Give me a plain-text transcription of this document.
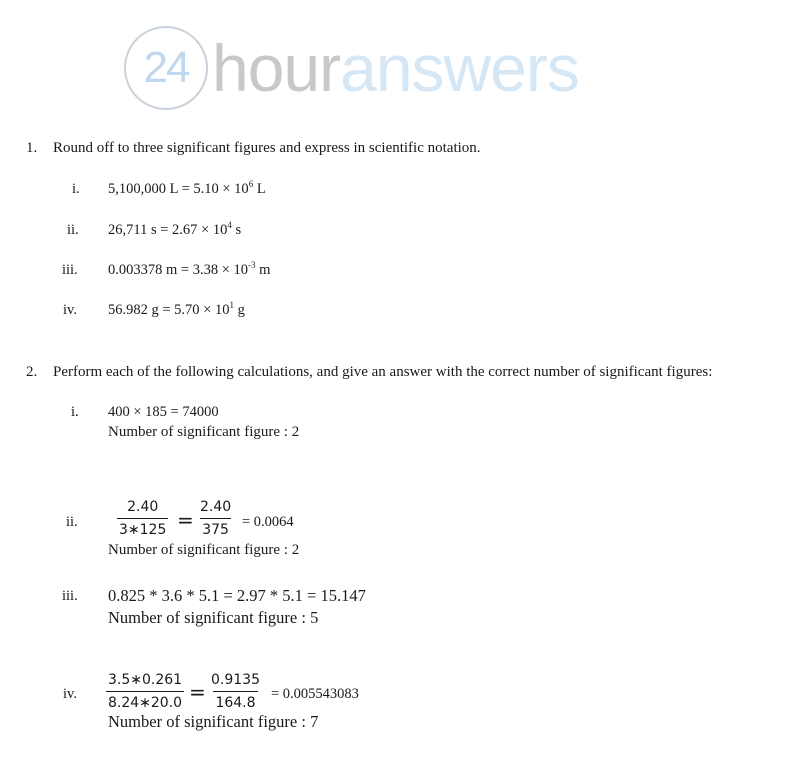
24 hour answers
1. Round off to three significant figures and express in scientific notation.
i. 5,100,000 $L = 5.10 \times 10^6$ L
ii. 26,711 $s = 2.67 \times 10^4$ s
iii. 0.003378 $m = 3.38 \times 10^{-3}$ m
iv. 56.982 $g = 5.70 \times 10^1$ g
2. Perform each of the following calculations, and give an answer with the correct number of significant figures:
i. 400 × 185 = 74000
Number of significant figure : 2
ii.	$\frac{2.40}{3∗125} = \frac{2.40}{375} = 0.0064$
Number of significant figure : 2
iii. 0.825 * 3.6 * 5.1 = 2.97 * 5.1 = 15.147
Number of significant figure : 5
iv. $\frac{3.5∗0.261}{8.24∗20.0} = \frac{0.9135}{164.8} = 0.005543083$
Number of significant figure : 7
